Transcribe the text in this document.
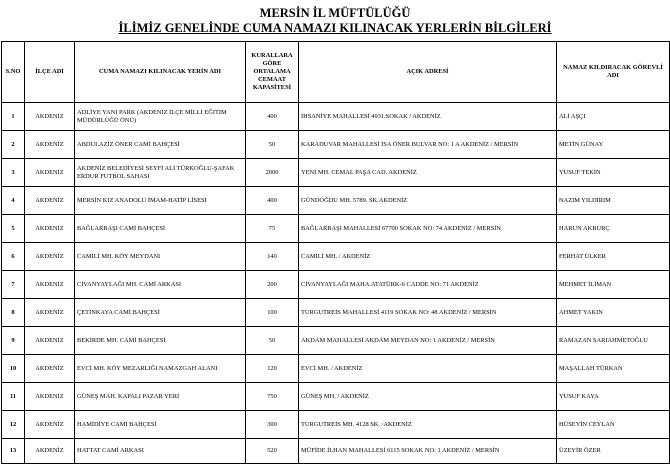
MERSİN İL MÜFTÜLÜĞÜ
İLİMİZ GENELİNDE CUMA NAMAZI KILINACAK YERLERİN BİLGİLERİ
S.NO	İLÇE ADI	CUMA NAMAZI KILINACAK YERİN ADI	KURALLARA GÖRE ORTALAMA CEMAAT KAPASİTESİ	AÇIK ADRESİ	NAMAZ KILDIRACAK GÖREVLİ ADI
1	AKDENİZ	ADLİYE YANI PARK (AKDENİZ İLÇE MİLLİ EĞİTİM MÜDÜRLÜĞÜ ÖNÜ)	400	İHSANİYE MAHALLESİ 4931.SOKAK / AKDENİZ	ALİ AŞÇI
2	AKDENİZ	ABDULAZİZ ÖNER CAMİ BAHÇESİ	50	KARADUVAR MAHALLESİ İSA ÖNER BULVAR NO: 1 A AKDENİZ / MERSİN	METİN GÜNAY
3	AKDENİZ	AKDENİZ BELEDİYESİ SEYFİ ALİ TÜRKOĞLU-ŞAFAK ERDUR FUTBOL SAHASI	2000	YENİ MH. CEMAL PAŞA CAD. AKDENİZ	YUSUF TEKİN
4	AKDENİZ	MERSİN KIZ ANADOLU İMAM-HATİP LİSESİ	400	GÜNDOĞDU MH. 5789. SK.AKDENİZ	NAZIM YILDIRIM
5	AKDENİZ	BAĞLARBAŞI CAMİ BAHÇESİ	75	BAĞLARBAŞI MAHALLESİ 67700 SOKAK NO: 74 AKDENİZ / MERSİN	HARUN AKBURÇ
6	AKDENİZ	CAMİLİ MH. KÖY MEYDANI	140	CAMİLİ MH. / AKDENİZ	FERHAT ÜLKER
7	AKDENİZ	CİVANYAYLAĞI MH. CAMİ ARKASI	200	CİVANYAYLAĞI MAHA.ATATÜRK-6 CADDE NO: 71 AKDENİZ	MEHMET İLİMAN
8	AKDENİZ	ÇETİNKAYA CAMİ BAHÇESİ	100	TURGUTREİS MAHALLESİ 4119 SOKAK NO: 48 AKDENİZ / MERSİN	AHMET YAKIN
9	AKDENİZ	BEKİRDE MH. CAMİ BAHÇESİ	50	AKDAM MAHALLESİ AKDAM MEYDAN NO: 1 AKDENİZ / MERSİN	RAMAZAN SARIAHMETOĞLU
10	AKDENİZ	EVCİ MH. KÖY MEZARLIĞI NAMAZGAH ALANI	120	EVCİ MH. / AKDENİZ	MAŞALLAH TÜRKAN
11	AKDENİZ	GÜNEŞ MAH. KAPALI PAZAR YERİ	750	GÜNEŞ MH. / AKDENİZ	YUSUF KAYA
12	AKDENİZ	HAMİDİYE CAMİ BAHÇESİ	300	TURGUTREİS MH. 4128 SK. /AKDENİZ	HÜSEYİN CEYLAN
13	AKDENİZ	HATTAT CAMİ ARKASI	520	MÜFİDE İLHAN MAHALLESİ 6115 SOKAK NO: 1 AKDENİZ / MERSİN	ÜZEYİR ÖZER
